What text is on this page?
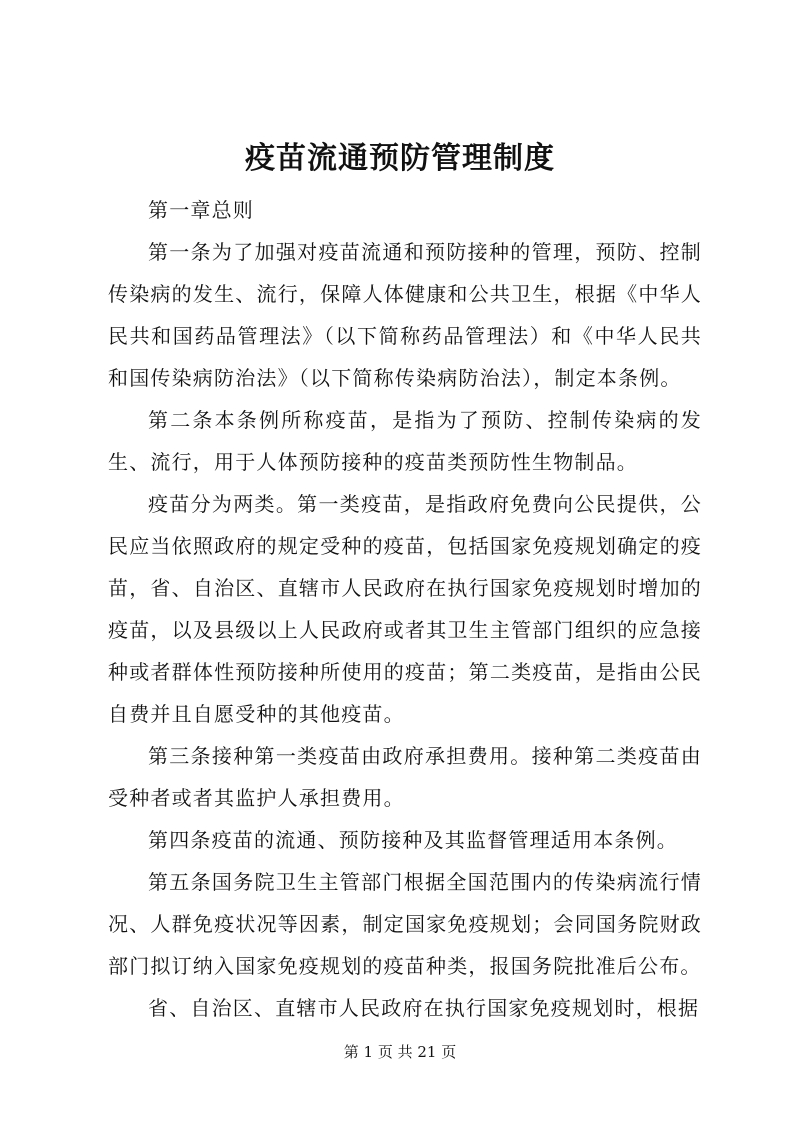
疫苗流通预防管理制度

第一章总则

第一条为了加强对疫苗流通和预防接种的管理，预防、控制传染病的发生、流行，保障人体健康和公共卫生，根据《中华人民共和国药品管理法》（以下简称药品管理法）和《中华人民共和国传染病防治法》（以下简称传染病防治法），制定本条例。

第二条本条例所称疫苗，是指为了预防、控制传染病的发生、流行，用于人体预防接种的疫苗类预防性生物制品。

疫苗分为两类。第一类疫苗，是指政府免费向公民提供，公民应当依照政府的规定受种的疫苗，包括国家免疫规划确定的疫苗，省、自治区、直辖市人民政府在执行国家免疫规划时增加的疫苗，以及县级以上人民政府或者其卫生主管部门组织的应急接种或者群体性预防接种所使用的疫苗；第二类疫苗，是指由公民自费并且自愿受种的其他疫苗。

第三条接种第一类疫苗由政府承担费用。接种第二类疫苗由受种者或者其监护人承担费用。

第四条疫苗的流通、预防接种及其监督管理适用本条例。

第五条国务院卫生主管部门根据全国范围内的传染病流行情况、人群免疫状况等因素，制定国家免疫规划；会同国务院财政部门拟订纳入国家免疫规划的疫苗种类，报国务院批准后公布。

省、自治区、直辖市人民政府在执行国家免疫规划时，根据

第 1 页 共 21 页
